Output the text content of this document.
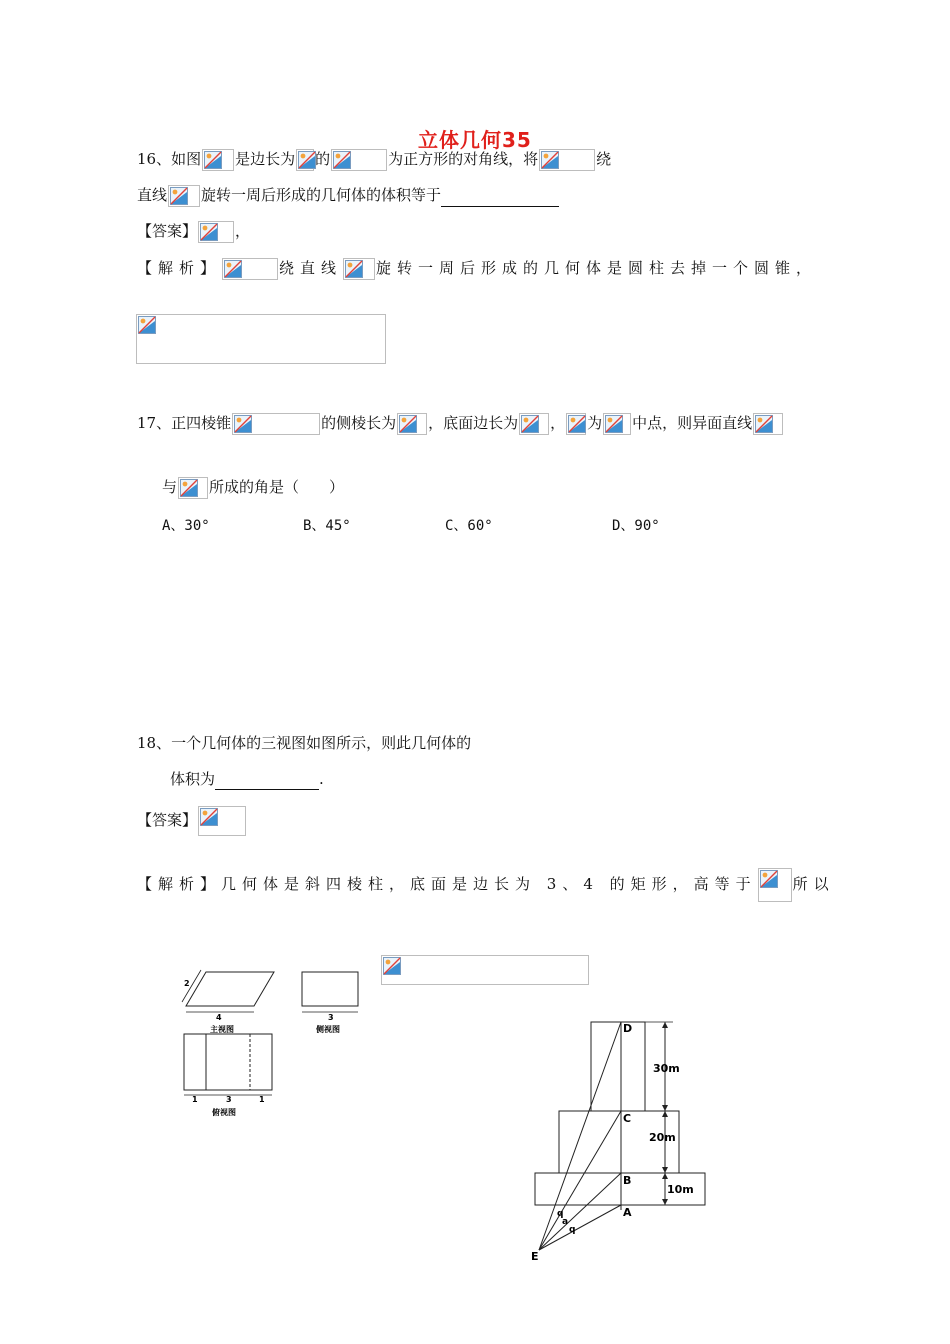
立体几何35
16、如图 是边长为 的	为正方形的对角线，将	绕
直线 旋转一周后形成的几何体的体积等于
【答案】	，
【解析】	绕直线 旋转一周后形成的几何体是圆柱去掉一个圆锥，
17、正四棱锥	的侧棱长为 ，底面边长为 ， 为 中点，则异面直线
与 所成的角是（　　）
A、30°	B、45°	C、60°	D、90°
18、一个几何体的三视图如图所示，则此几何体的
体积为	.
【答案】
【解析】几何体是斜四棱柱，底面是边长为 3、4 的矩形，高等于 所以
2
4
主视图
3
侧视图
1	3	1
俯视图
30m
20m
10m
D
C
B
A
E
q
a
q
